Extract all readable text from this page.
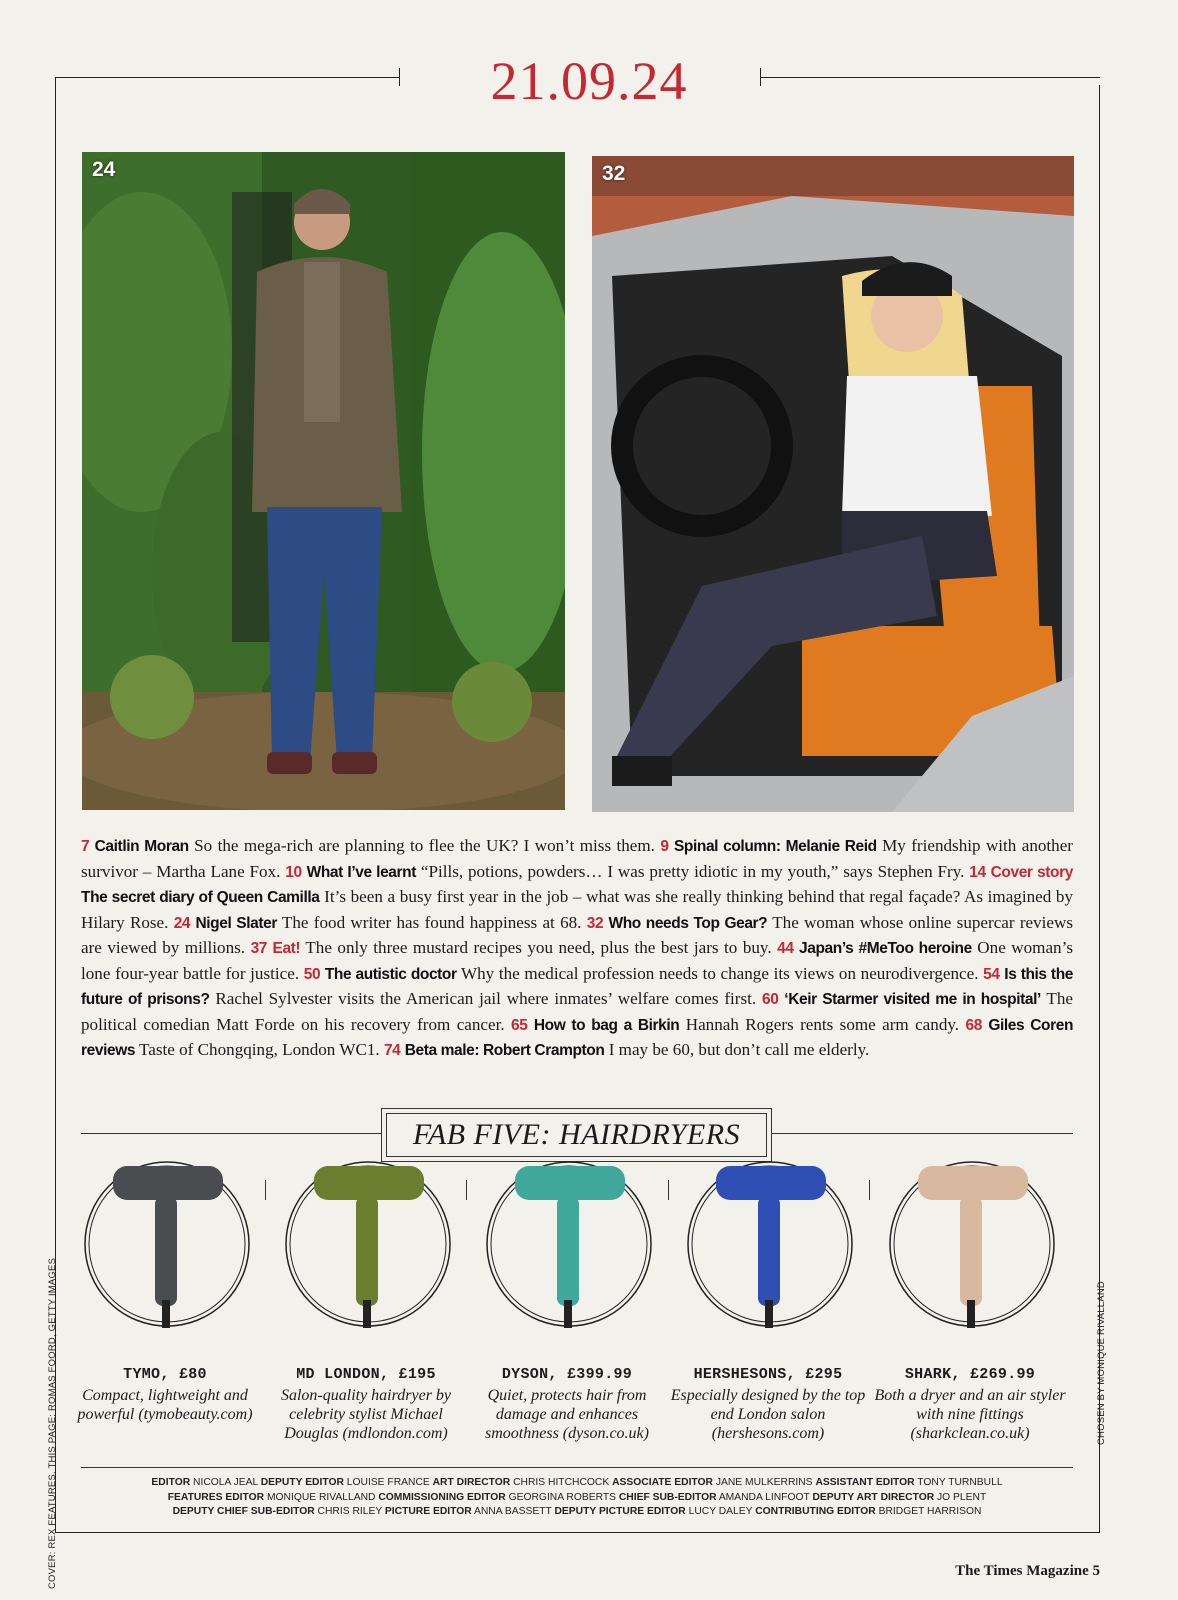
21.09.24
24	32
7 Caitlin Moran So the mega-rich are planning to flee the UK? I won’t miss them. 9 Spinal column: Melanie Reid My friendship with another survivor – Martha Lane Fox. 10 What I’ve learnt “Pills, potions, powders… I was pretty idiotic in my youth,” says Stephen Fry. 14 Cover story The secret diary of Queen Camilla It’s been a busy first year in the job – what was she really thinking behind that regal façade? As imagined by Hilary Rose. 24 Nigel Slater The food writer has found happiness at 68. 32 Who needs Top Gear? The woman whose online supercar reviews are viewed by millions. 37 Eat! The only three mustard recipes you need, plus the best jars to buy. 44 Japan’s #MeToo heroine One woman’s lone four-year battle for justice. 50 The autistic doctor Why the medical profession needs to change its views on neurodivergence. 54 Is this the future of prisons? Rachel Sylvester visits the American jail where inmates’ welfare comes first. 60 ‘Keir Starmer visited me in hospital’ The political comedian Matt Forde on his recovery from cancer. 65 How to bag a Birkin Hannah Rogers rents some arm candy. 68 Giles Coren reviews Taste of Chongqing, London WC1. 74 Beta male: Robert Crampton I may be 60, but don’t call me elderly.
FAB FIVE: HAIRDRYERS
TYMO, £80
Compact, lightweight and powerful (tymobeauty.com)
MD LONDON, £195
Salon-quality hairdryer by celebrity stylist Michael Douglas (mdlondon.com)
DYSON, £399.99
Quiet, protects hair from damage and enhances smoothness (dyson.co.uk)
HERSHESONS, £295
Especially designed by the top end London salon (hershesons.com)
SHARK, £269.99
Both a dryer and an air styler with nine fittings (sharkclean.co.uk)
EDITOR NICOLA JEAL DEPUTY EDITOR LOUISE FRANCE ART DIRECTOR CHRIS HITCHCOCK ASSOCIATE EDITOR JANE MULKERRINS ASSISTANT EDITOR TONY TURNBULL
FEATURES EDITOR MONIQUE RIVALLAND COMMISSIONING EDITOR GEORGINA ROBERTS CHIEF SUB-EDITOR AMANDA LINFOOT DEPUTY ART DIRECTOR JO PLENT
DEPUTY CHIEF SUB-EDITOR CHRIS RILEY PICTURE EDITOR ANNA BASSETT DEPUTY PICTURE EDITOR LUCY DALEY CONTRIBUTING EDITOR BRIDGET HARRISON
COVER: REX FEATURES. THIS PAGE: ROMAS FOORD, GETTY IMAGES	CHOSEN BY MONIQUE RIVALLAND
The Times Magazine 5
